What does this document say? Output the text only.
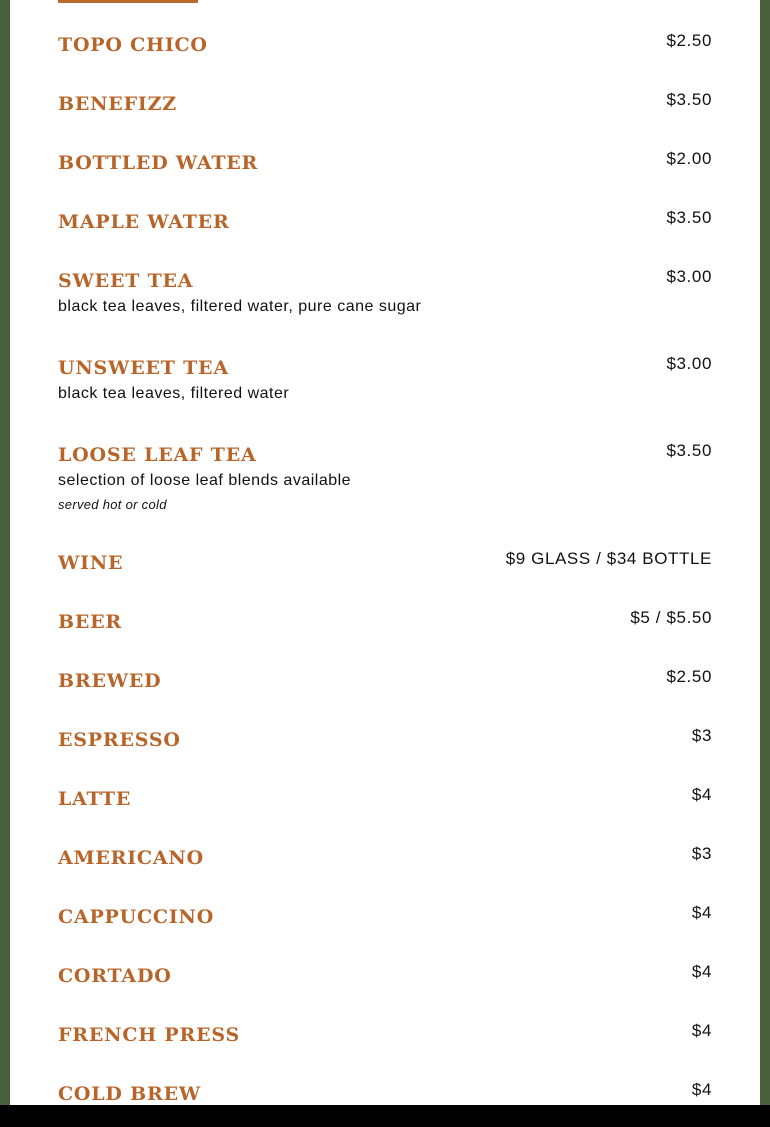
TOPO CHICO	$2.50
BENEFIZZ	$3.50
BOTTLED WATER	$2.00
MAPLE WATER	$3.50
SWEET TEA	$3.00
black tea leaves, filtered water, pure cane sugar
UNSWEET TEA	$3.00
black tea leaves, filtered water
LOOSE LEAF TEA	$3.50
selection of loose leaf blends available
served hot or cold
WINE	$9 GLASS / $34 BOTTLE
BEER	$5 / $5.50
BREWED	$2.50
ESPRESSO	$3
LATTE	$4
AMERICANO	$3
CAPPUCCINO	$4
CORTADO	$4
FRENCH PRESS	$4
COLD BREW	$4
